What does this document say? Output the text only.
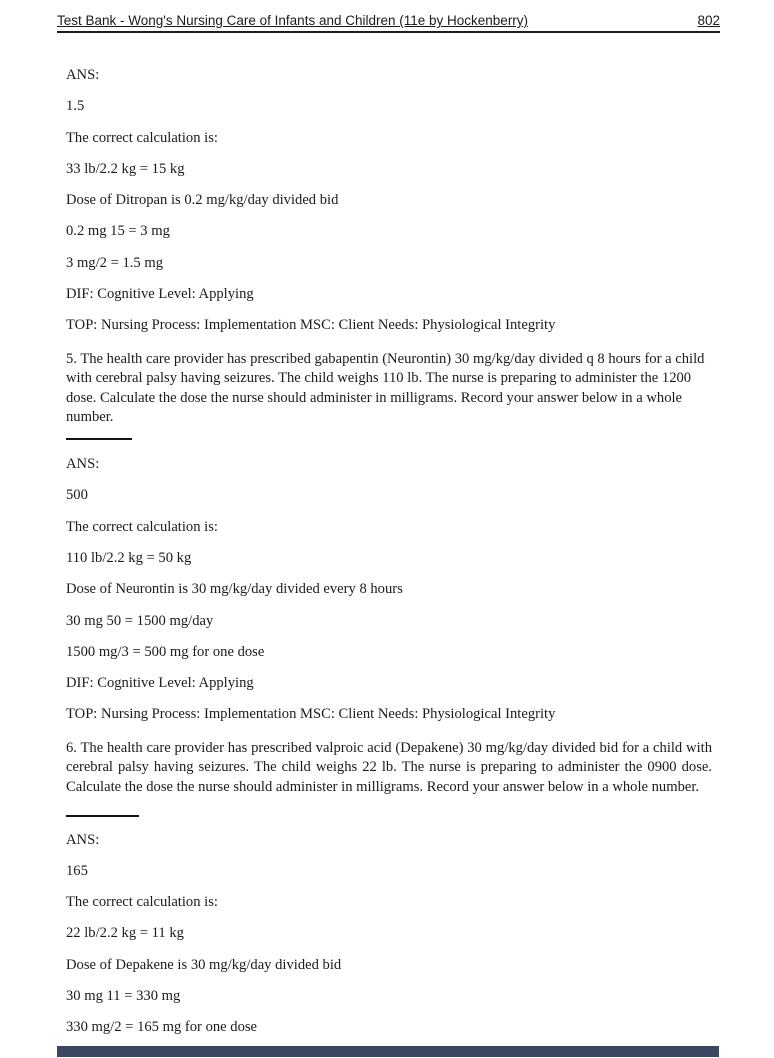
Test Bank - Wong's Nursing Care of Infants and Children (11e by Hockenberry)	802

ANS:

1.5

The correct calculation is:

33 lb/2.2 kg = 15 kg

Dose of Ditropan is 0.2 mg/kg/day divided bid

0.2 mg 15 = 3 mg

3 mg/2 = 1.5 mg

DIF: Cognitive Level: Applying

TOP: Nursing Process: Implementation MSC: Client Needs: Physiological Integrity

5. The health care provider has prescribed gabapentin (Neurontin) 30 mg/kg/day divided q 8 hours for a child with cerebral palsy having seizures. The child weighs 110 lb. The nurse is preparing to administer the 1200 dose. Calculate the dose the nurse should administer in milligrams. Record your answer below in a whole number.

ANS:

500

The correct calculation is:

110 lb/2.2 kg = 50 kg

Dose of Neurontin is 30 mg/kg/day divided every 8 hours

30 mg 50 = 1500 mg/day

1500 mg/3 = 500 mg for one dose

DIF: Cognitive Level: Applying

TOP: Nursing Process: Implementation MSC: Client Needs: Physiological Integrity

6. The health care provider has prescribed valproic acid (Depakene) 30 mg/kg/day divided bid for a child with cerebral palsy having seizures. The child weighs 22 lb. The nurse is preparing to administer the 0900 dose. Calculate the dose the nurse should administer in milligrams. Record your answer below in a whole number.

ANS:

165

The correct calculation is:

22 lb/2.2 kg = 11 kg

Dose of Depakene is 30 mg/kg/day divided bid

30 mg 11 = 330 mg

330 mg/2 = 165 mg for one dose
